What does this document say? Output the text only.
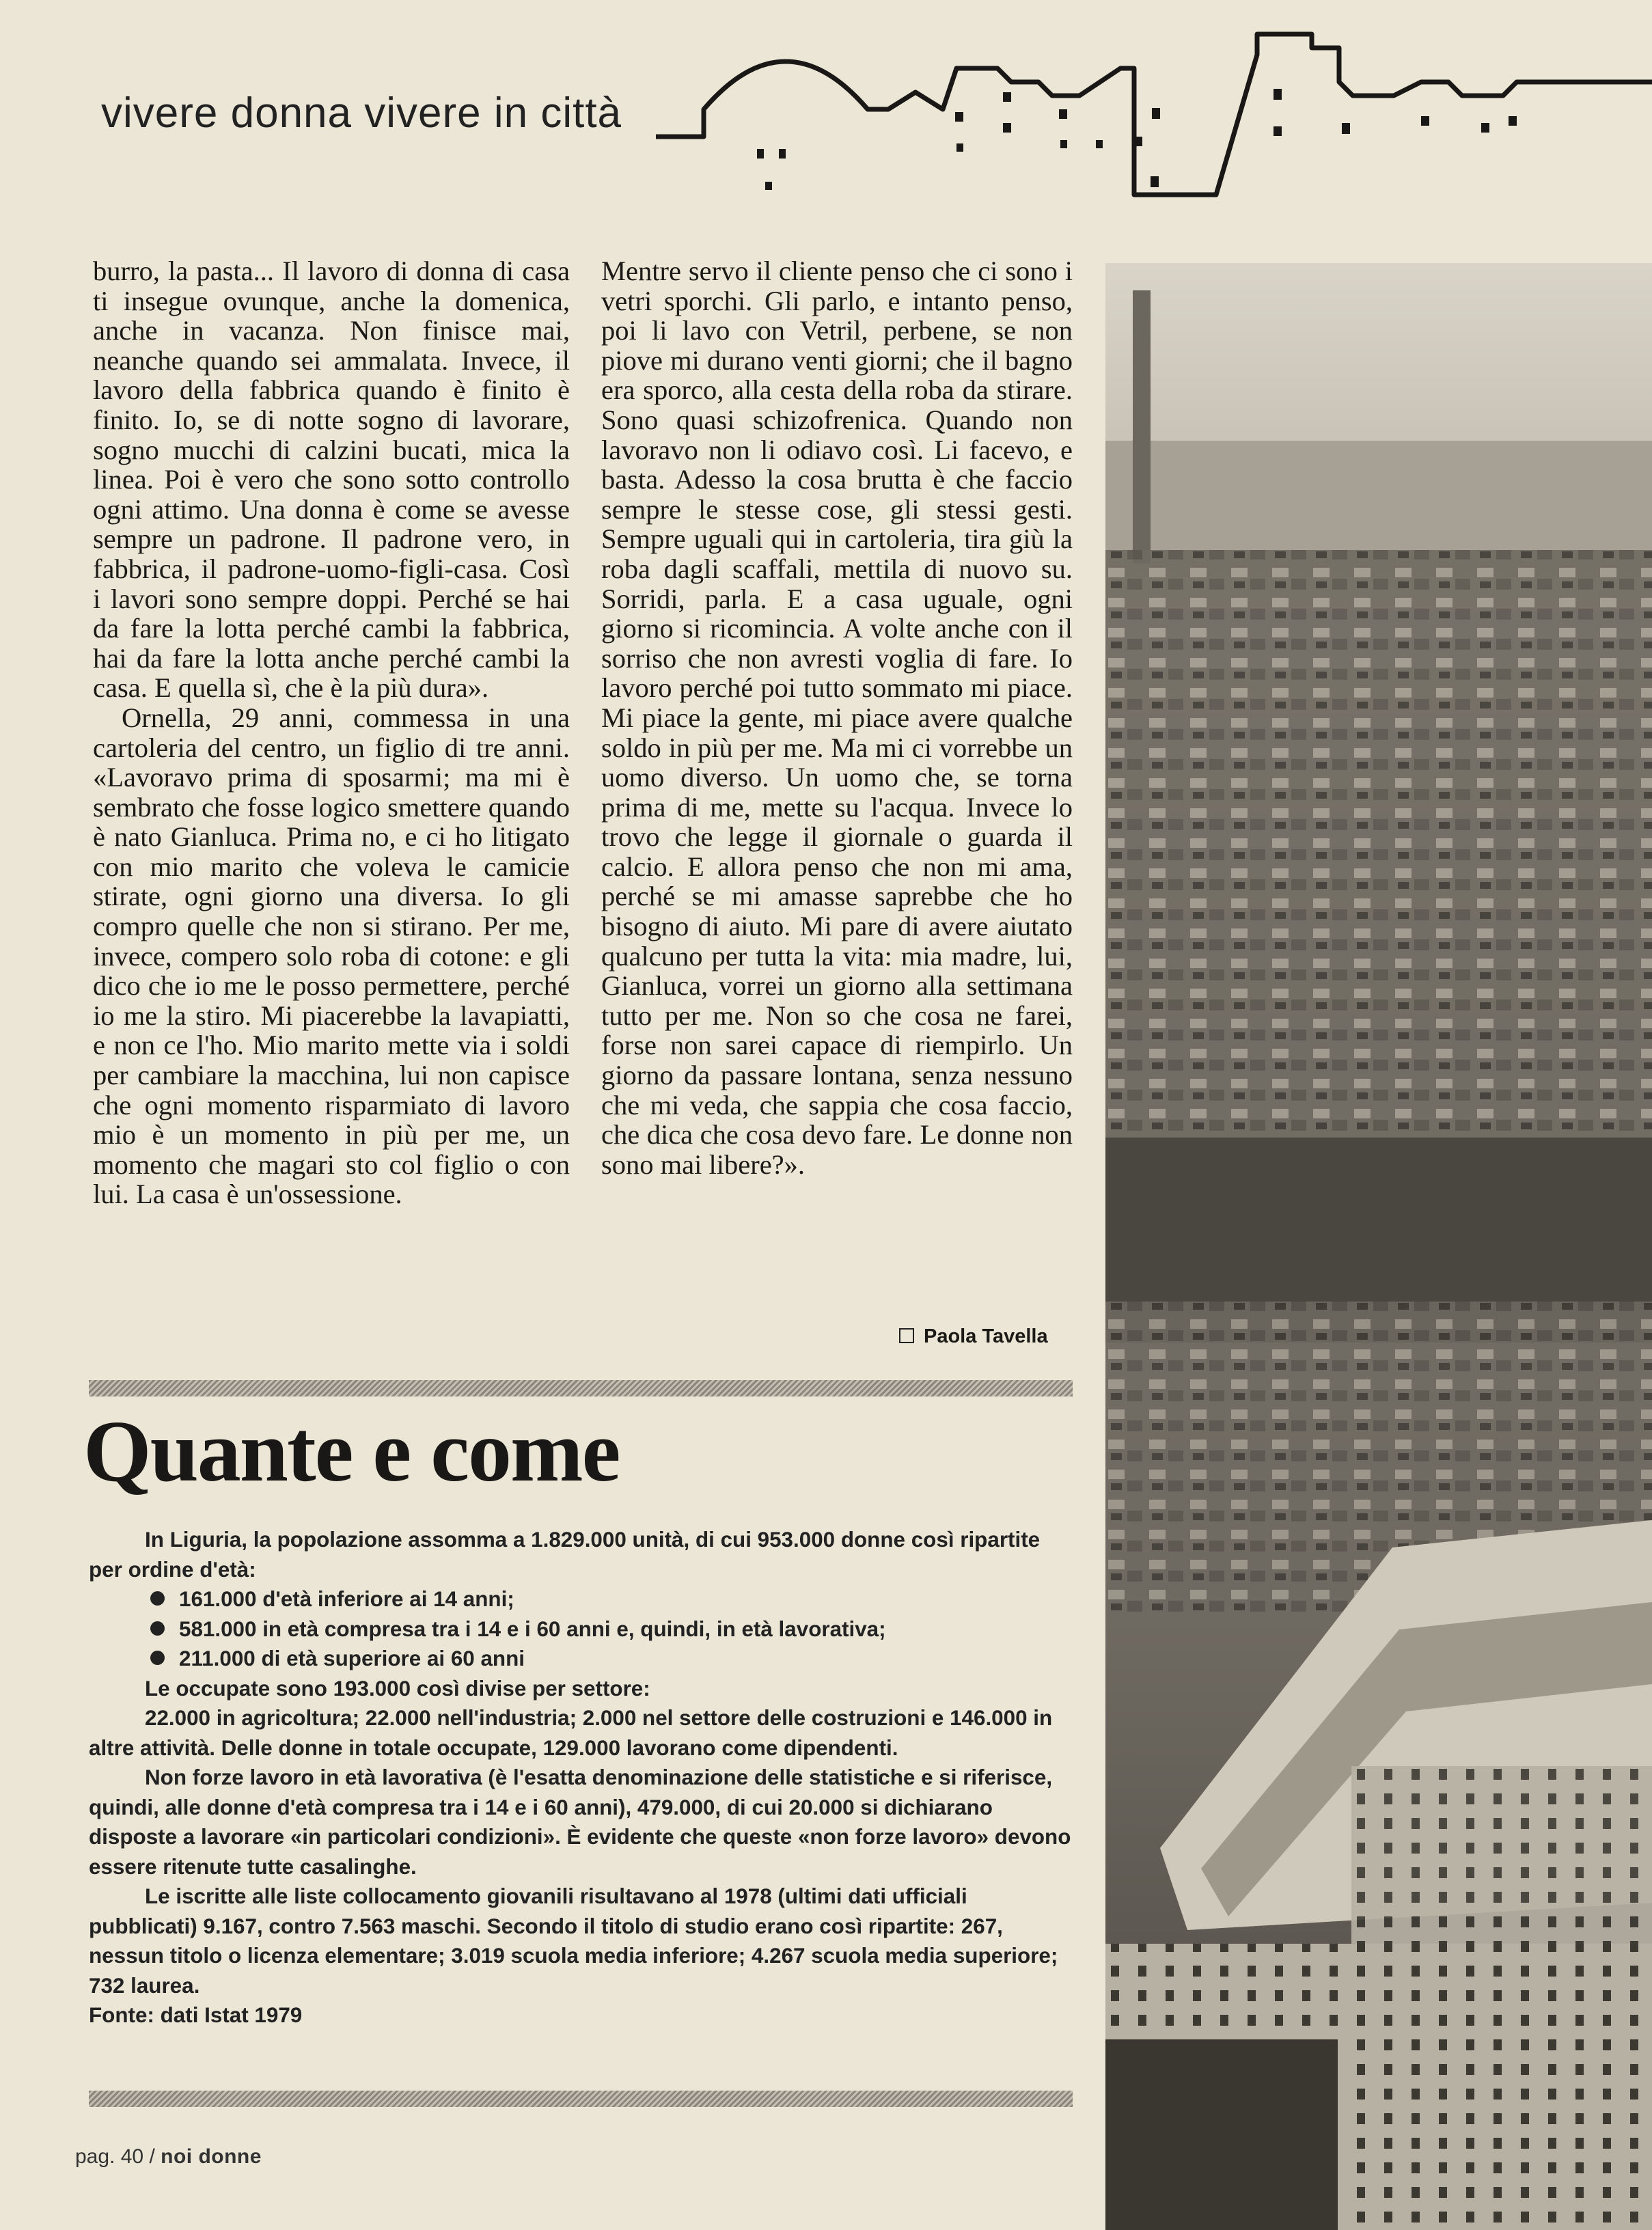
vivere donna vivere in città

burro, la pasta... Il lavoro di donna di casa ti insegue ovunque, anche la domenica, anche in vacanza. Non finisce mai, neanche quando sei ammalata. Invece, il lavoro della fabbrica quando è finito è finito. Io, se di notte sogno di lavorare, sogno mucchi di calzini bucati, mica la linea. Poi è vero che sono sotto controllo ogni attimo. Una donna è come se avesse sempre un padrone. Il padrone vero, in fabbrica, il padrone-uomo-figli-casa. Così i lavori sono sempre doppi. Perché se hai da fare la lotta perché cambi la fabbrica, hai da fare la lotta anche perché cambi la casa. E quella sì, che è la più dura».

Ornella, 29 anni, commessa in una cartoleria del centro, un figlio di tre anni. «Lavoravo prima di sposarmi; ma mi è sembrato che fosse logico smettere quando è nato Gianluca. Prima no, e ci ho litigato con mio marito che voleva le camicie stirate, ogni giorno una diversa. Io gli compro quelle che non si stirano. Per me, invece, compero solo roba di cotone: e gli dico che io me le posso permettere, perché io me la stiro. Mi piacerebbe la lavapiatti, e non ce l'ho. Mio marito mette via i soldi per cambiare la macchina, lui non capisce che ogni momento risparmiato di lavoro mio è un momento in più per me, un momento che magari sto col figlio o con lui. La casa è un'ossessione.

Mentre servo il cliente penso che ci sono i vetri sporchi. Gli parlo, e intanto penso, poi li lavo con Vetril, perbene, se non piove mi durano venti giorni; che il bagno era sporco, alla cesta della roba da stirare. Sono quasi schizofrenica. Quando non lavoravo non li odiavo così. Li facevo, e basta. Adesso la cosa brutta è che faccio sempre le stesse cose, gli stessi gesti. Sempre uguali qui in cartoleria, tira giù la roba dagli scaffali, mettila di nuovo su. Sorridi, parla. E a casa uguale, ogni giorno si ricomincia. A volte anche con il sorriso che non avresti voglia di fare. Io lavoro perché poi tutto sommato mi piace. Mi piace la gente, mi piace avere qualche soldo in più per me. Ma mi ci vorrebbe un uomo diverso. Un uomo che, se torna prima di me, mette su l'acqua. Invece lo trovo che legge il giornale o guarda il calcio. E allora penso che non mi ama, perché se mi amasse saprebbe che ho bisogno di aiuto. Mi pare di avere aiutato qualcuno per tutta la vita: mia madre, lui, Gianluca, vorrei un giorno alla settimana tutto per me. Non so che cosa ne farei, forse non sarei capace di riempirlo. Un giorno da passare lontana, senza nessuno che mi veda, che sappia che cosa faccio, che dica che cosa devo fare. Le donne non sono mai libere?».

Paola Tavella
Quante e come

In Liguria, la popolazione assomma a 1.829.000 unità, di cui 953.000 donne così ripartite per ordine d'età:

161.000 d'età inferiore ai 14 anni;

581.000 in età compresa tra i 14 e i 60 anni e, quindi, in età lavorativa;

211.000 di età superiore ai 60 anni

Le occupate sono 193.000 così divise per settore:

22.000 in agricoltura; 22.000 nell'industria; 2.000 nel settore delle costruzioni e 146.000 in altre attività. Delle donne in totale occupate, 129.000 lavorano come dipendenti.

Non forze lavoro in età lavorativa (è l'esatta denominazione delle statistiche e si riferisce, quindi, alle donne d'età compresa tra i 14 e i 60 anni), 479.000, di cui 20.000 si dichiarano disposte a lavorare «in particolari condizioni». È evidente che queste «non forze lavoro» devono essere ritenute tutte casalinghe.

Le iscritte alle liste collocamento giovanili risultavano al 1978 (ultimi dati ufficiali pubblicati) 9.167, contro 7.563 maschi. Secondo il titolo di studio erano così ripartite: 267, nessun titolo o licenza elementare; 3.019 scuola media inferiore; 4.267 scuola media superiore; 732 laurea.

Fonte: dati Istat 1979

pag. 40 / noi donne
